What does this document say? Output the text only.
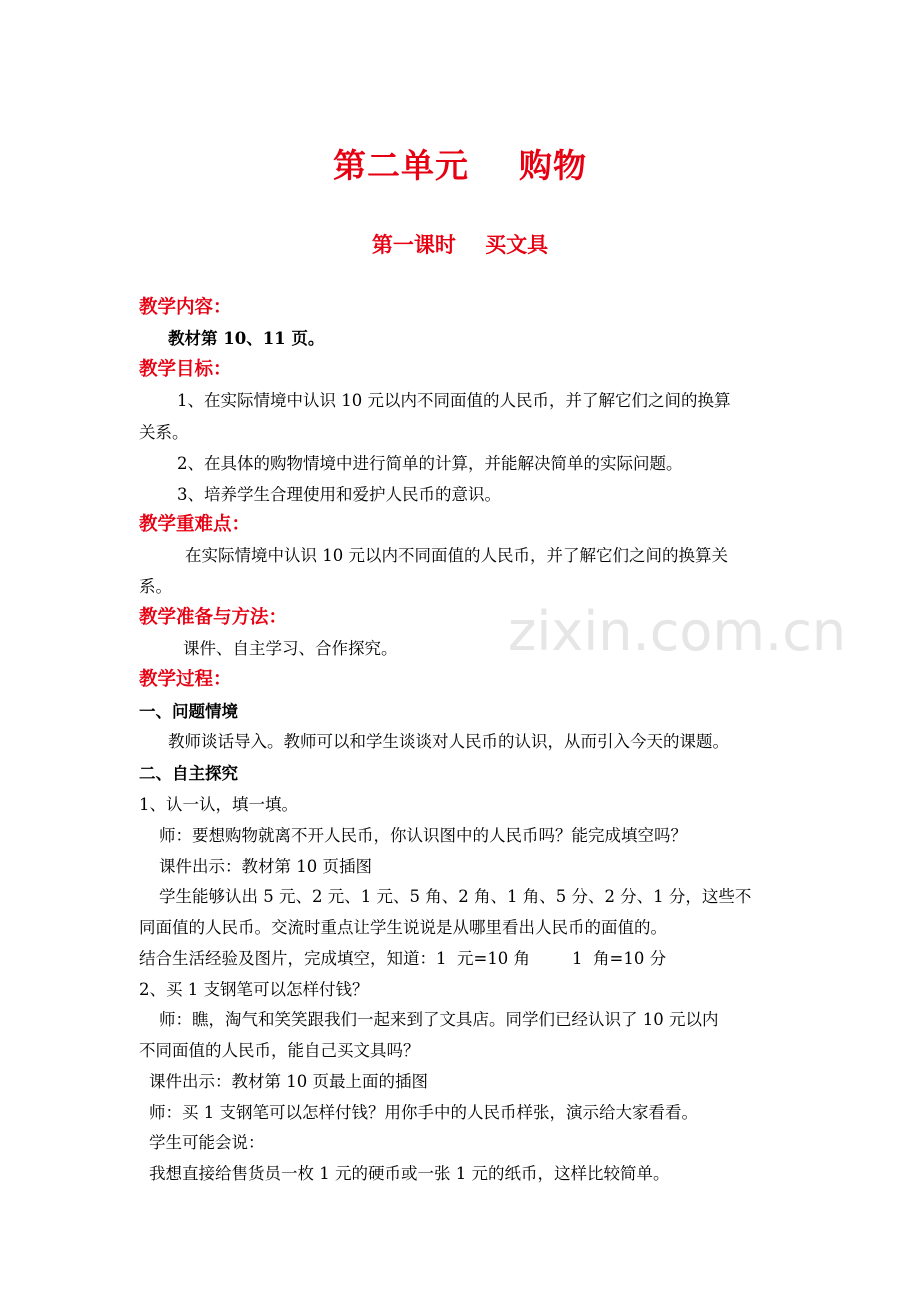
第二单元    购物
第一课时    买文具
教学内容：
教材第 10、11 页。
教学目标：
1、在实际情境中认识 10 元以内不同面值的人民币，并了解它们之间的换算
关系。
2、在具体的购物情境中进行简单的计算，并能解决简单的实际问题。
3、培养学生合理使用和爱护人民币的意识。
教学重难点：
在实际情境中认识 10 元以内不同面值的人民币，并了解它们之间的换算关
系。
教学准备与方法：
课件、自主学习、合作探究。
教学过程：
一、问题情境
教师谈话导入。教师可以和学生谈谈对人民币的认识，从而引入今天的课题。
二、自主探究
1、认一认，填一填。
师：要想购物就离不开人民币，你认识图中的人民币吗？能完成填空吗？
课件出示：教材第 10 页插图
学生能够认出 5 元、2 元、1 元、5 角、2 角、1 角、5 分、2 分、1 分，这些不
同面值的人民币。交流时重点让学生说说是从哪里看出人民币的面值的。
结合生活经验及图片，完成填空，知道：1  元=10 角        1  角=10 分
2、买 1 支钢笔可以怎样付钱？
师：瞧，淘气和笑笑跟我们一起来到了文具店。同学们已经认识了 10 元以内
不同面值的人民币，能自己买文具吗？
课件出示：教材第 10 页最上面的插图
师：买 1 支钢笔可以怎样付钱？用你手中的人民币样张，演示给大家看看。
学生可能会说：
我想直接给售货员一枚 1 元的硬币或一张 1 元的纸币，这样比较简单。
zixin.com.cn
